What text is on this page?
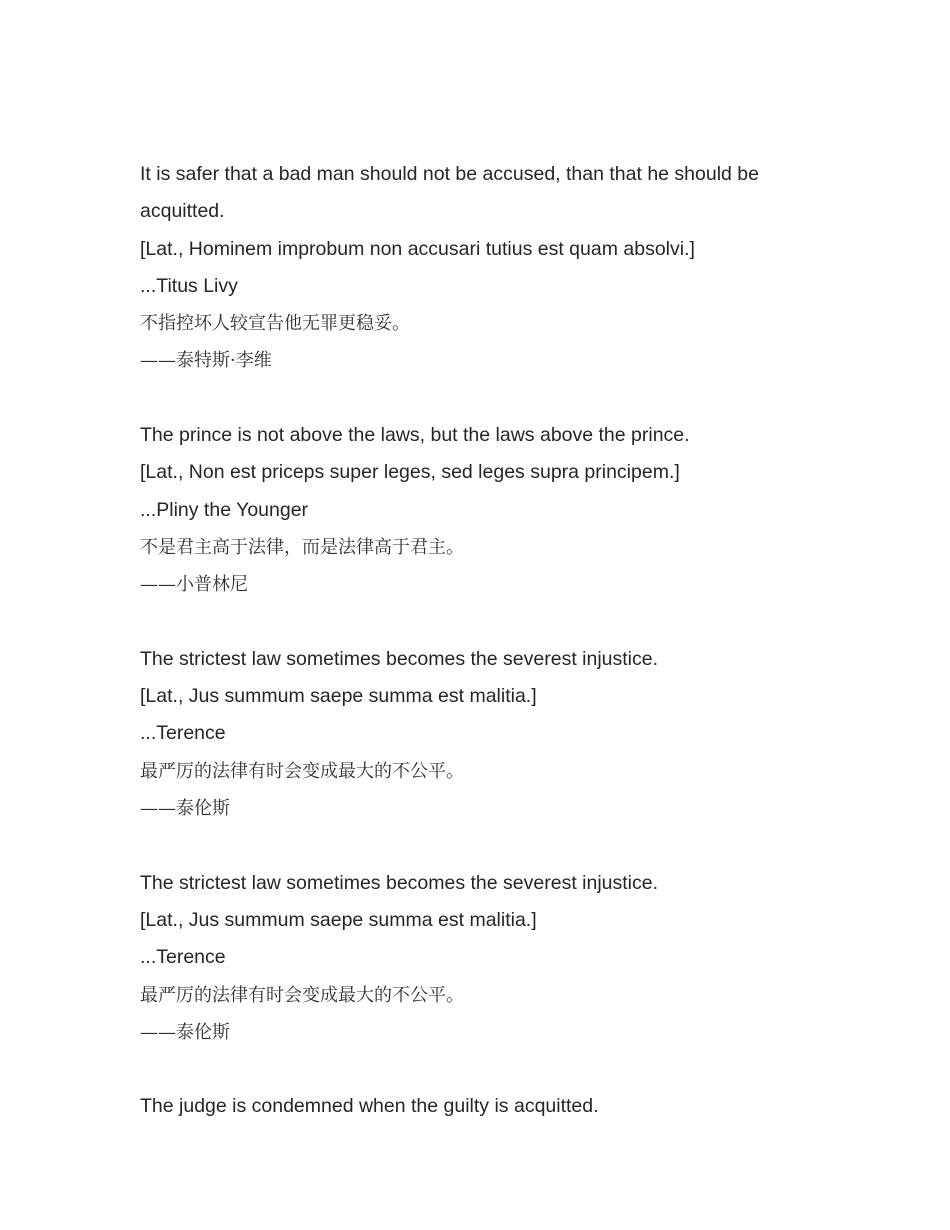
It is safer that a bad man should not be accused, than that he should be acquitted.

[Lat., Hominem improbum non accusari tutius est quam absolvi.]

...Titus Livy

不指控坏人较宣告他无罪更稳妥。

——泰特斯·李维

The prince is not above the laws, but the laws above the prince.

[Lat., Non est priceps super leges, sed leges supra principem.]

...Pliny the Younger

不是君主高于法律，而是法律高于君主。

——小普林尼

The strictest law sometimes becomes the severest injustice.

[Lat., Jus summum saepe summa est malitia.]

...Terence

最严厉的法律有时会变成最大的不公平。

——泰伦斯

The strictest law sometimes becomes the severest injustice.

[Lat., Jus summum saepe summa est malitia.]

...Terence

最严厉的法律有时会变成最大的不公平。

——泰伦斯

The judge is condemned when the guilty is acquitted.
